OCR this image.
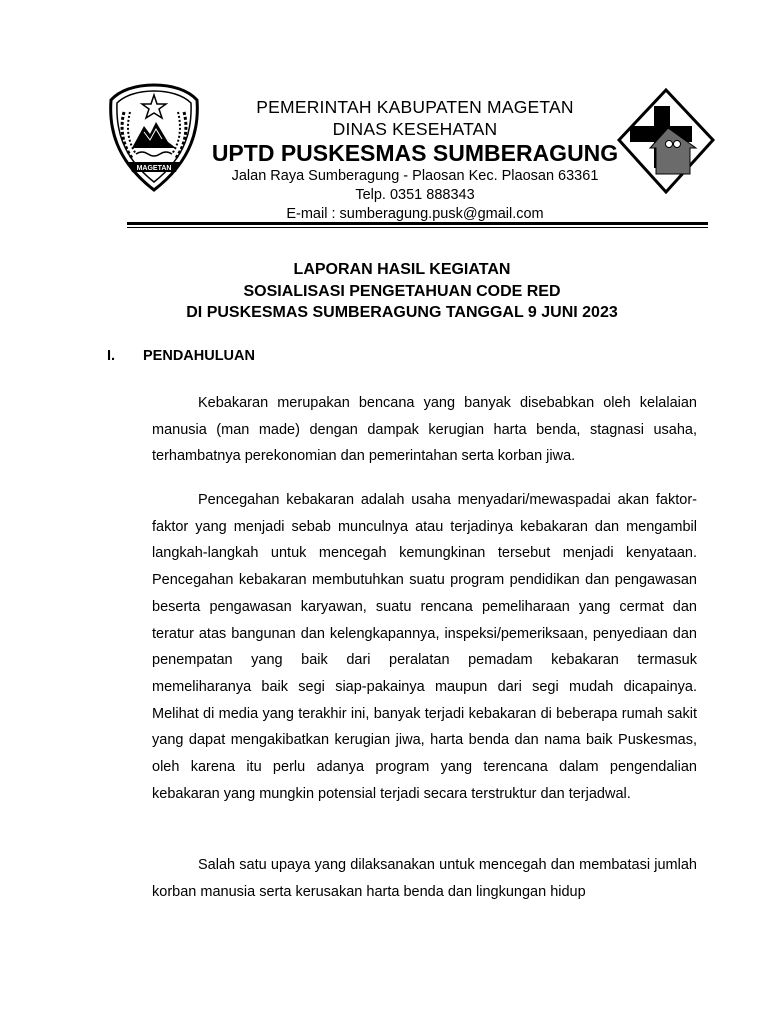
MAGETAN
PEMERINTAH KABUPATEN MAGETAN
DINAS KESEHATAN
UPTD PUSKESMAS SUMBERAGUNG
Jalan Raya Sumberagung - Plaosan Kec. Plaosan 63361
Telp. 0351 888343
E-mail : sumberagung.pusk@gmail.com
LAPORAN HASIL KEGIATAN
SOSIALISASI PENGETAHUAN CODE RED
DI PUSKESMAS SUMBERAGUNG TANGGAL 9 JUNI 2023
I. PENDAHULUAN

Kebakaran merupakan bencana yang banyak disebabkan oleh kelalaian manusia (man made) dengan dampak kerugian harta benda, stagnasi usaha, terhambatnya perekonomian dan pemerintahan serta korban jiwa.

Pencegahan kebakaran adalah usaha menyadari/mewaspadai akan faktor-faktor yang menjadi sebab munculnya atau terjadinya kebakaran dan mengambil langkah-langkah untuk mencegah kemungkinan tersebut menjadi kenyataan. Pencegahan kebakaran membutuhkan suatu program pendidikan dan pengawasan beserta pengawasan karyawan, suatu rencana pemeliharaan yang cermat dan teratur atas bangunan dan kelengkapannya, inspeksi/pemeriksaan, penyediaan dan penempatan yang baik dari peralatan pemadam kebakaran termasuk memeliharanya baik segi siap-pakainya maupun dari segi mudah dicapainya. Melihat di media yang terakhir ini, banyak terjadi kebakaran di beberapa rumah sakit yang dapat mengakibatkan kerugian jiwa, harta benda dan nama baik Puskesmas, oleh karena itu perlu adanya program yang terencana dalam pengendalian kebakaran yang mungkin potensial terjadi secara terstruktur dan terjadwal.

Salah satu upaya yang dilaksanakan untuk mencegah dan membatasi jumlah korban manusia serta kerusakan harta benda dan lingkungan hidup
